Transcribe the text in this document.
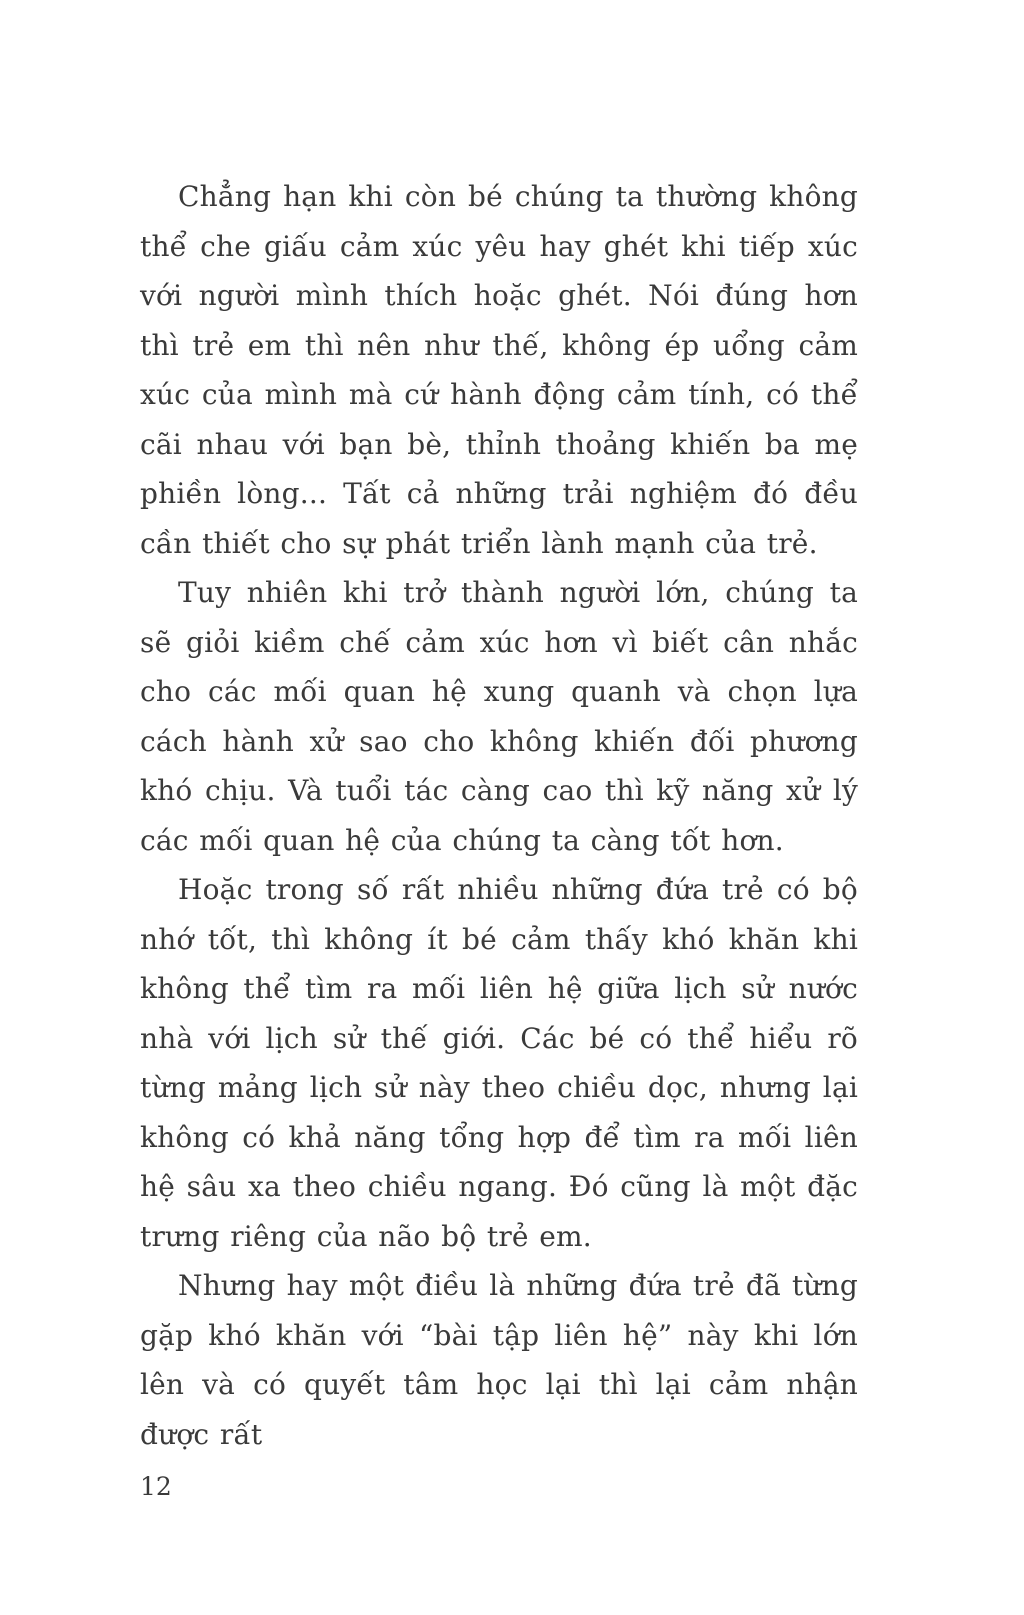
Chẳng hạn khi còn bé chúng ta thường không thể che giấu cảm xúc yêu hay ghét khi tiếp xúc với người mình thích hoặc ghét. Nói đúng hơn thì trẻ em thì nên như thế, không ép uổng cảm xúc của mình mà cứ hành động cảm tính, có thể cãi nhau với bạn bè, thỉnh thoảng khiến ba mẹ phiền lòng... Tất cả những trải nghiệm đó đều cần thiết cho sự phát triển lành mạnh của trẻ.

Tuy nhiên khi trở thành người lớn, chúng ta sẽ giỏi kiềm chế cảm xúc hơn vì biết cân nhắc cho các mối quan hệ xung quanh và chọn lựa cách hành xử sao cho không khiến đối phương khó chịu. Và tuổi tác càng cao thì kỹ năng xử lý các mối quan hệ của chúng ta càng tốt hơn.

Hoặc trong số rất nhiều những đứa trẻ có bộ nhớ tốt, thì không ít bé cảm thấy khó khăn khi không thể tìm ra mối liên hệ giữa lịch sử nước nhà với lịch sử thế giới. Các bé có thể hiểu rõ từng mảng lịch sử này theo chiều dọc, nhưng lại không có khả năng tổng hợp để tìm ra mối liên hệ sâu xa theo chiều ngang. Đó cũng là một đặc trưng riêng của não bộ trẻ em.

Nhưng hay một điều là những đứa trẻ đã từng gặp khó khăn với “bài tập liên hệ” này khi lớn lên và có quyết tâm học lại thì lại cảm nhận được rất

12
